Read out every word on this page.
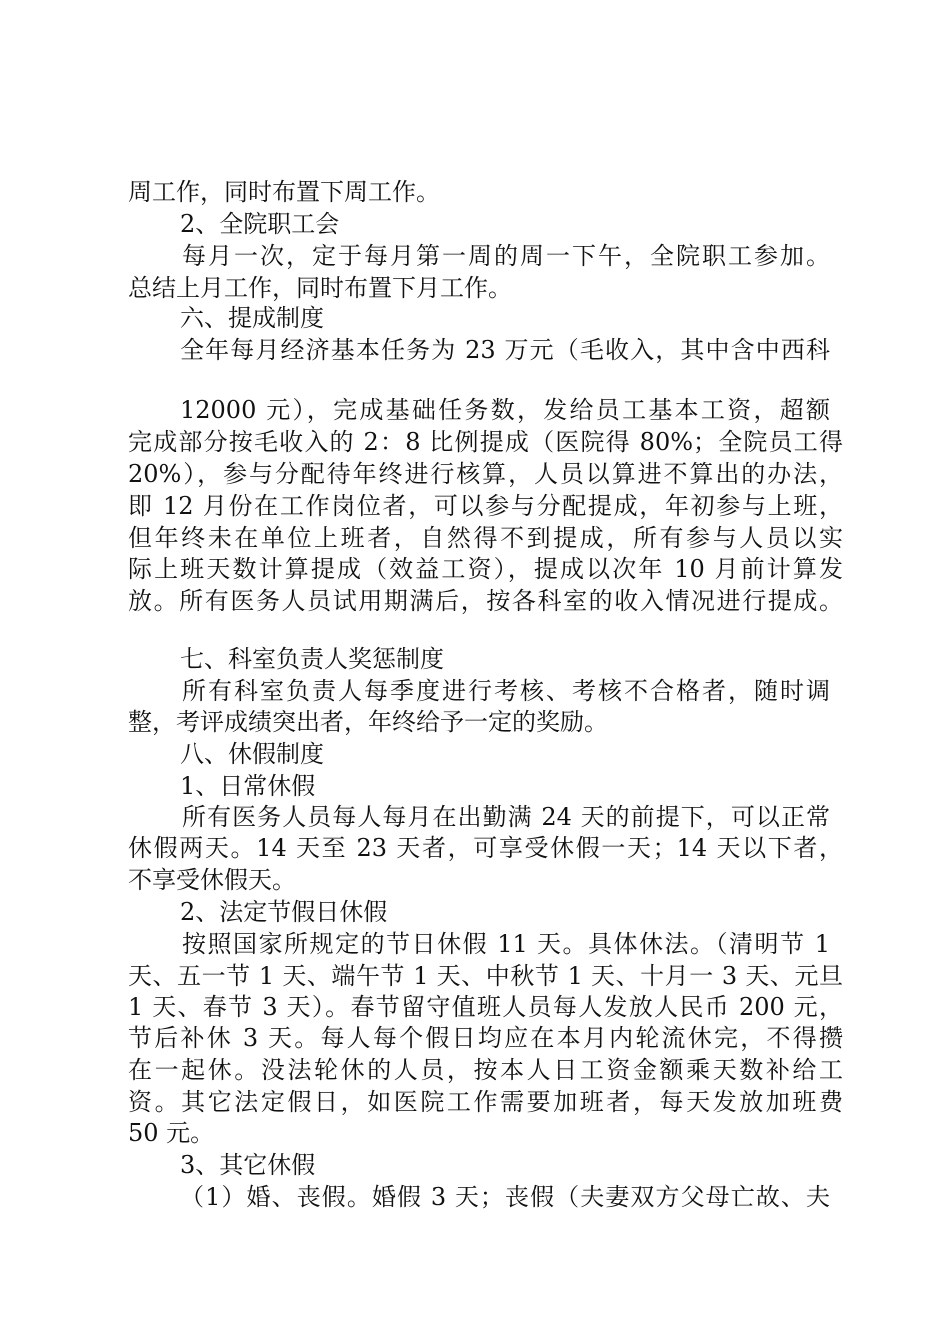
周工作，同时布置下周工作。
2、全院职工会
每月一次，定于每月第一周的周一下午，全院职工参加。
总结上月工作，同时布置下月工作。
六、提成制度
全年每月经济基本任务为 23 万元（毛收入，其中含中西科
12000 元），完成基础任务数，发给员工基本工资，超额
完成部分按毛收入的 2：8 比例提成（医院得 80%；全院员工得
20%），参与分配待年终进行核算，人员以算进不算出的办法，
即 12 月份在工作岗位者，可以参与分配提成，年初参与上班，
但年终未在单位上班者，自然得不到提成，所有参与人员以实
际上班天数计算提成（效益工资），提成以次年 10 月前计算发
放。所有医务人员试用期满后，按各科室的收入情况进行提成。
七、科室负责人奖惩制度
所有科室负责人每季度进行考核、考核不合格者，随时调
整，考评成绩突出者，年终给予一定的奖励。
八、休假制度
1、日常休假
所有医务人员每人每月在出勤满 24 天的前提下，可以正常
休假两天。14 天至 23 天者，可享受休假一天；14 天以下者，
不享受休假天。
2、法定节假日休假
按照国家所规定的节日休假 11 天。具体休法。（清明节 1
天、五一节 1 天、端午节 1 天、中秋节 1 天、十月一 3 天、元旦
1 天、春节 3 天）。春节留守值班人员每人发放人民币 200 元，
节后补休 3 天。每人每个假日均应在本月内轮流休完，不得攒
在一起休。没法轮休的人员，按本人日工资金额乘天数补给工
资。其它法定假日，如医院工作需要加班者，每天发放加班费
50 元。
3、其它休假
（1）婚、丧假。婚假 3 天；丧假（夫妻双方父母亡故、夫
